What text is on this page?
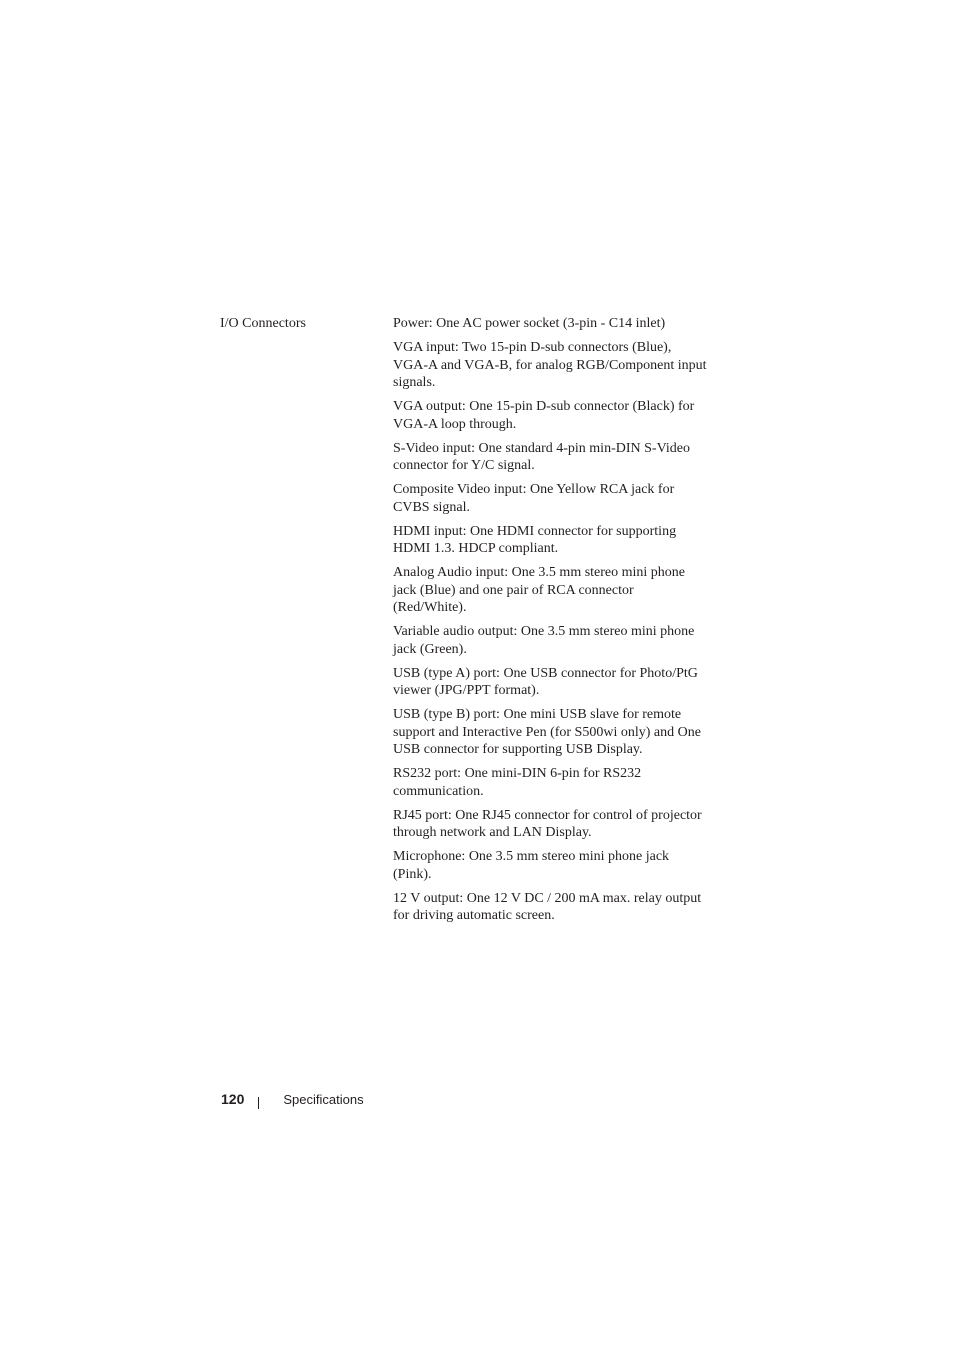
I/O Connectors	Power: One AC power socket (3-pin - C14 inlet)
VGA input: Two 15-pin D-sub connectors (Blue), VGA-A and VGA-B, for analog RGB/Component input signals.
VGA output: One 15-pin D-sub connector (Black) for VGA-A loop through.
S-Video input: One standard 4-pin min-DIN S-Video connector for Y/C signal.
Composite Video input: One Yellow RCA jack for CVBS signal.
HDMI input: One HDMI connector for supporting HDMI 1.3. HDCP compliant.
Analog Audio input: One 3.5 mm stereo mini phone jack (Blue) and one pair of RCA connector (Red/White).
Variable audio output: One 3.5 mm stereo mini phone jack (Green).
USB (type A) port: One USB connector for Photo/PtG viewer (JPG/PPT format).
USB (type B) port: One mini USB slave for remote support and Interactive Pen (for S500wi only) and One USB connector for supporting USB Display.
RS232 port: One mini-DIN 6-pin for RS232 communication.
RJ45 port: One RJ45 connector for control of projector through network and LAN Display.
Microphone: One 3.5 mm stereo mini phone jack (Pink).
12 V output: One 12 V DC / 200 mA max. relay output for driving automatic screen.
120	Specifications
